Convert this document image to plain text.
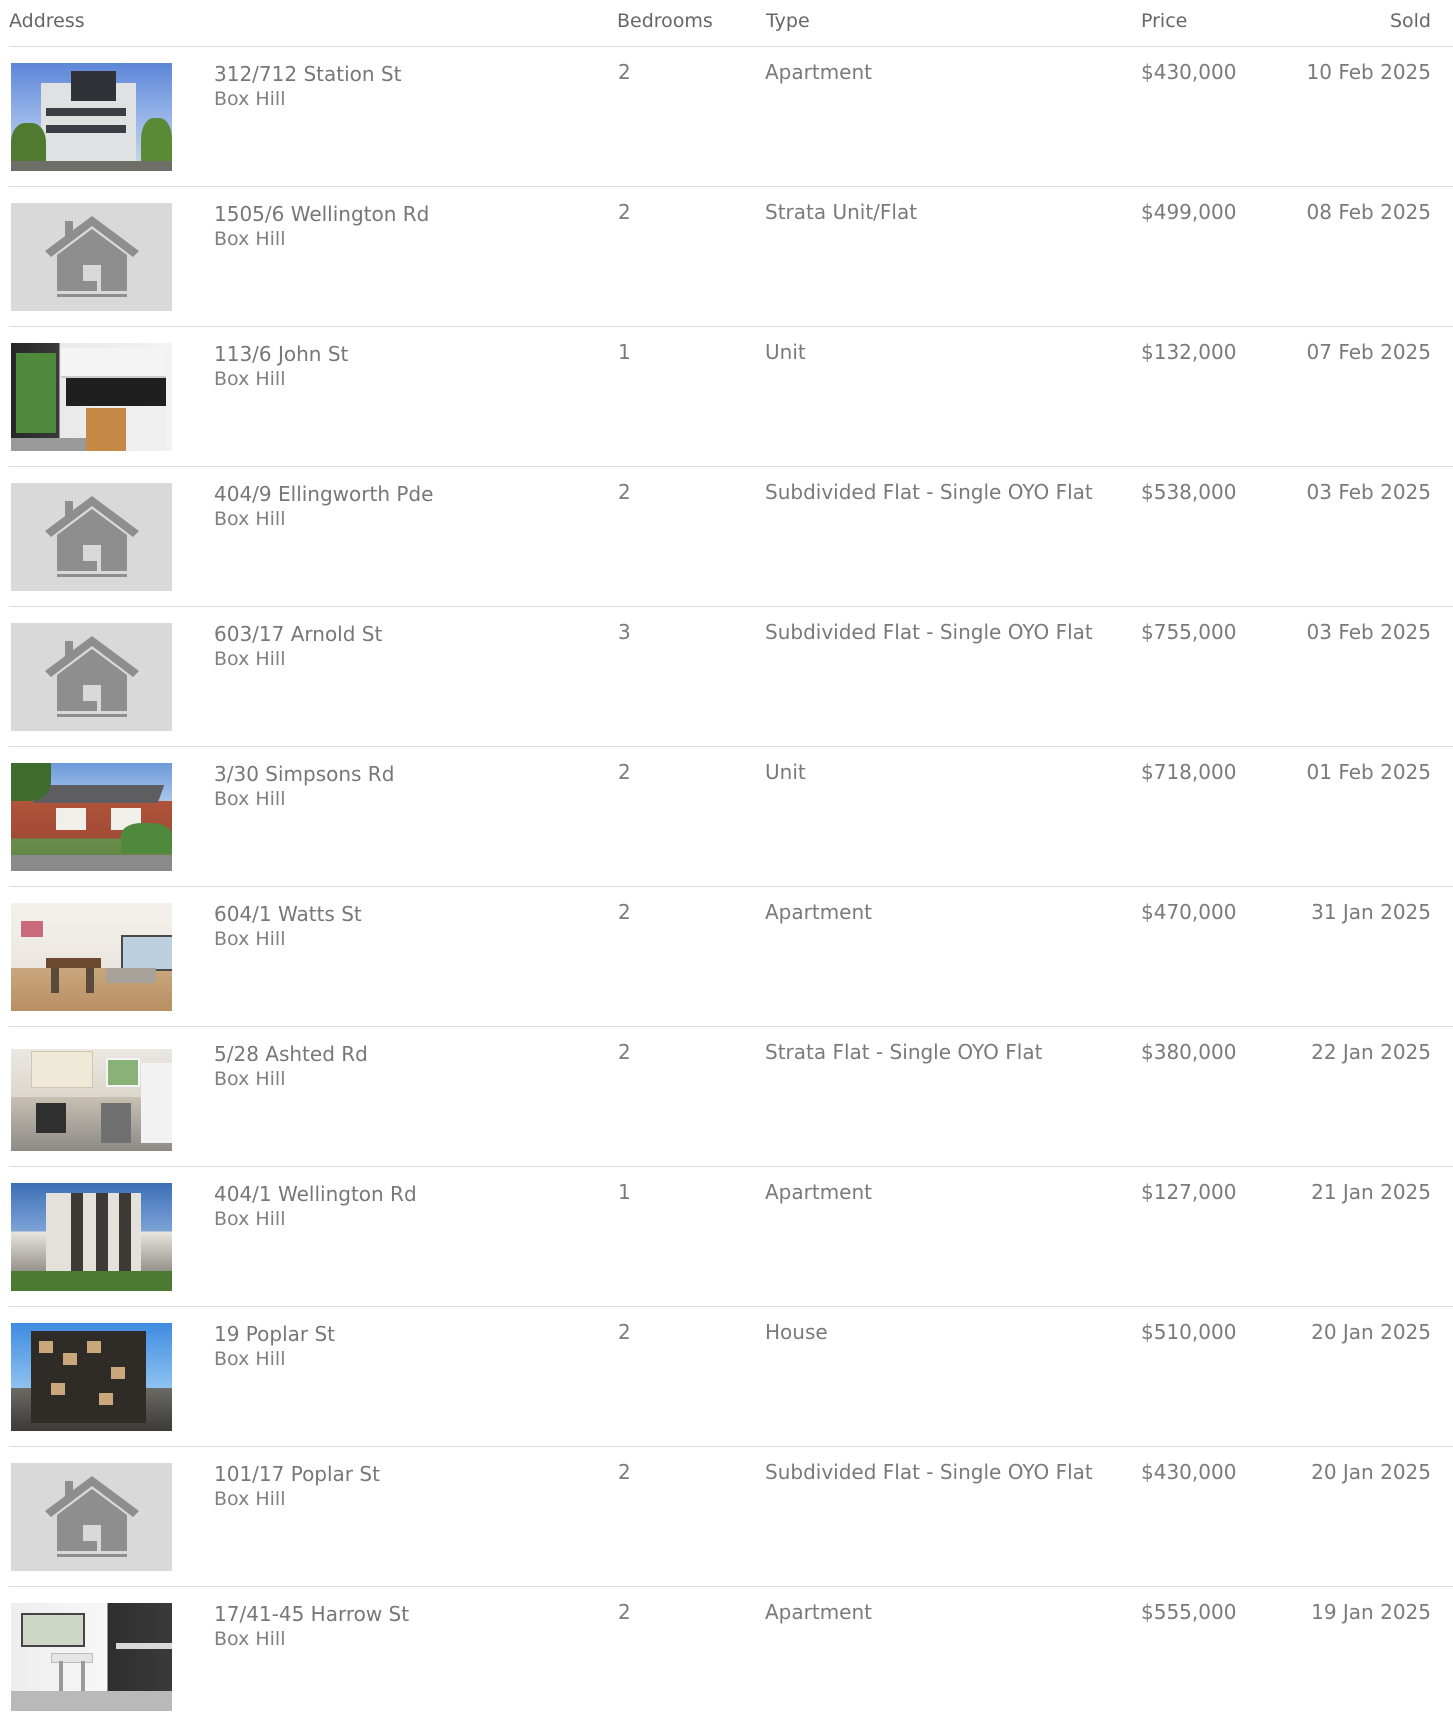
Address	Bedrooms	Type	Price	Sold
312/712 Station St
Box Hill
2	Apartment	$430,000	10 Feb 2025
1505/6 Wellington Rd
Box Hill
2	Strata Unit/Flat	$499,000	08 Feb 2025
113/6 John St
Box Hill
1	Unit	$132,000	07 Feb 2025
404/9 Ellingworth Pde
Box Hill
2	Subdivided Flat - Single OYO Flat $538,000	03 Feb 2025
603/17 Arnold St
Box Hill
3	Subdivided Flat - Single OYO Flat $755,000	03 Feb 2025
3/30 Simpsons Rd
Box Hill
2	Unit	$718,000	01 Feb 2025
604/1 Watts St
Box Hill
2	Apartment	$470,000	31 Jan 2025
5/28 Ashted Rd
Box Hill
2	Strata Flat - Single OYO Flat	$380,000	22 Jan 2025
404/1 Wellington Rd
Box Hill
1	Apartment	$127,000	21 Jan 2025
19 Poplar St
Box Hill
2	House	$510,000	20 Jan 2025
101/17 Poplar St
Box Hill
2	Subdivided Flat - Single OYO Flat $430,000	20 Jan 2025
17/41-45 Harrow St
Box Hill
2	Apartment	$555,000	19 Jan 2025
